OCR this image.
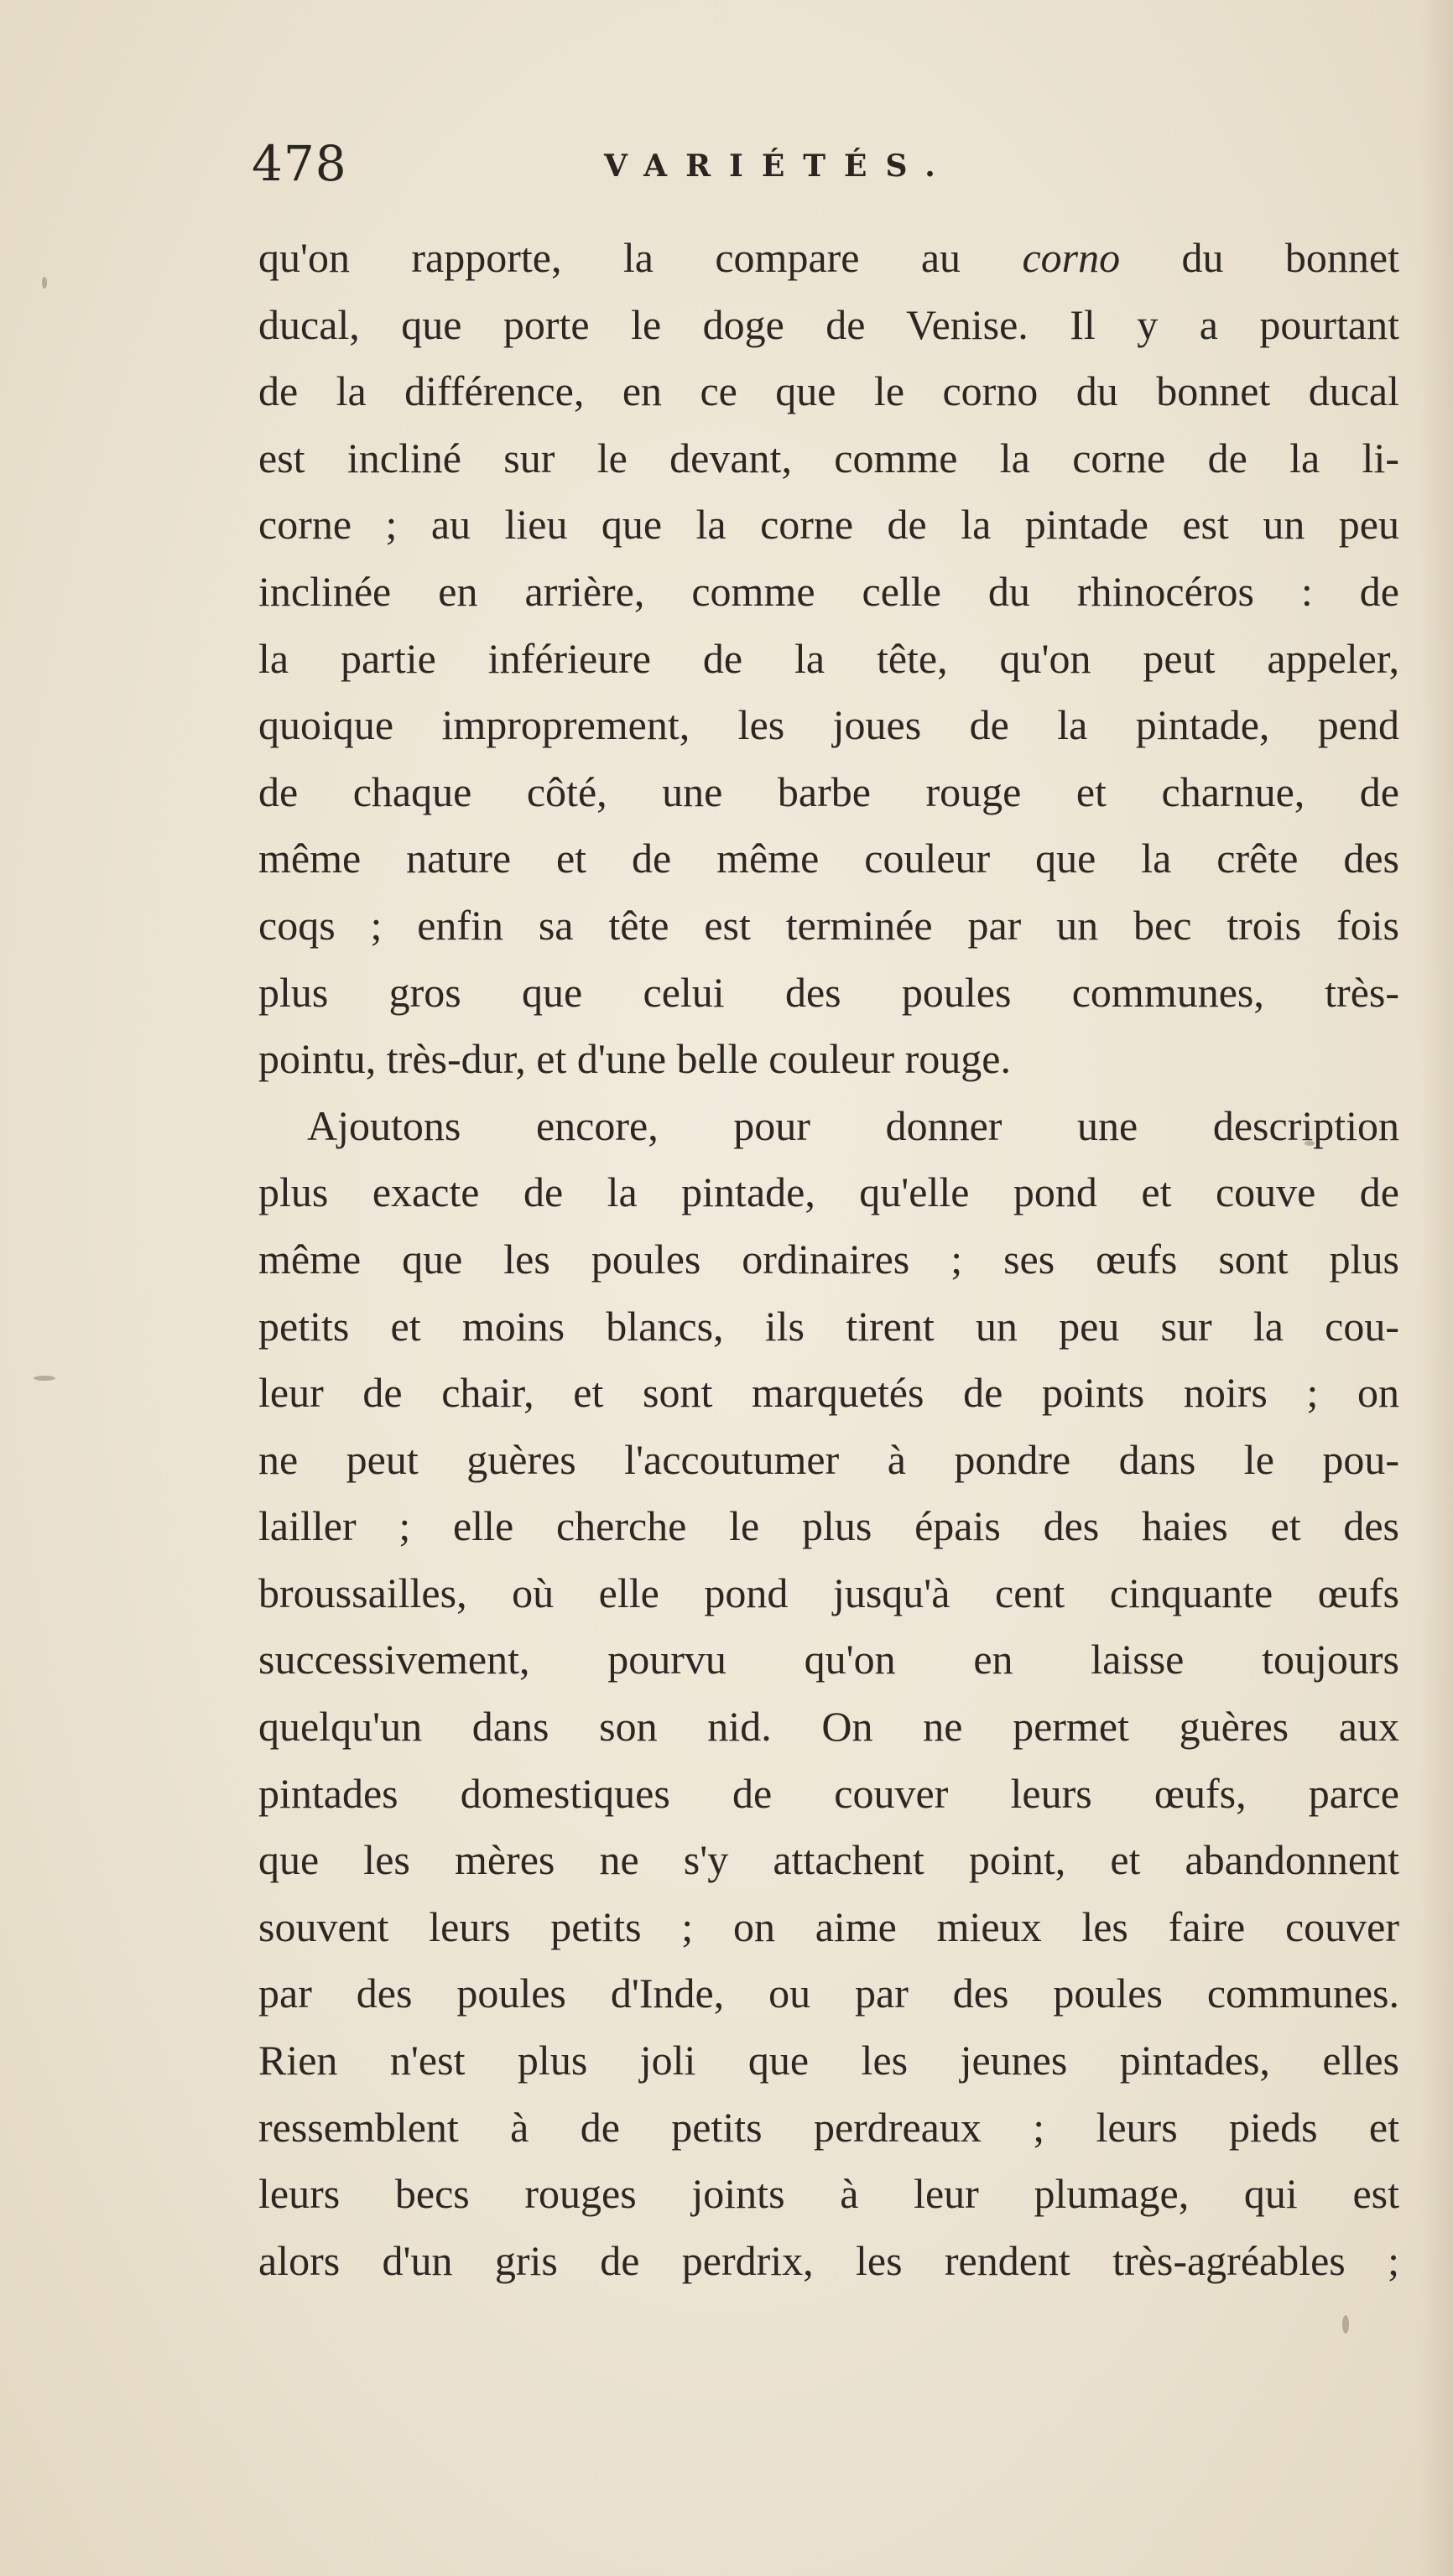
478	VARIÉTÉS.
qu'on rapporte, la compare au corno du bonnet
ducal, que porte le doge de Venise. Il y a pourtant
de la différence, en ce que le corno du bonnet ducal
est incliné sur le devant, comme la corne de la li-
corne ; au lieu que la corne de la pintade est un peu
inclinée en arrière, comme celle du rhinocéros : de
la partie inférieure de la tête, qu'on peut appeler,
quoique improprement, les joues de la pintade, pend
de chaque côté, une barbe rouge et charnue, de
même nature et de même couleur que la crête des
coqs ; enfin sa tête est terminée par un bec trois fois
plus gros que celui des poules communes, très-
pointu, très-dur, et d'une belle couleur rouge.
Ajoutons encore, pour donner une description
plus exacte de la pintade, qu'elle pond et couve de
même que les poules ordinaires ; ses œufs sont plus
petits et moins blancs, ils tirent un peu sur la cou-
leur de chair, et sont marquetés de points noirs ; on
ne peut guères l'accoutumer à pondre dans le pou-
lailler ; elle cherche le plus épais des haies et des
broussailles, où elle pond jusqu'à cent cinquante œufs
successivement, pourvu qu'on en laisse toujours
quelqu'un dans son nid. On ne permet guères aux
pintades domestiques de couver leurs œufs, parce
que les mères ne s'y attachent point, et abandonnent
souvent leurs petits ; on aime mieux les faire couver
par des poules d'Inde, ou par des poules communes.
Rien n'est plus joli que les jeunes pintades, elles
ressemblent à de petits perdreaux ; leurs pieds et
leurs becs rouges joints à leur plumage, qui est
alors d'un gris de perdrix, les rendent très-agréables ;
